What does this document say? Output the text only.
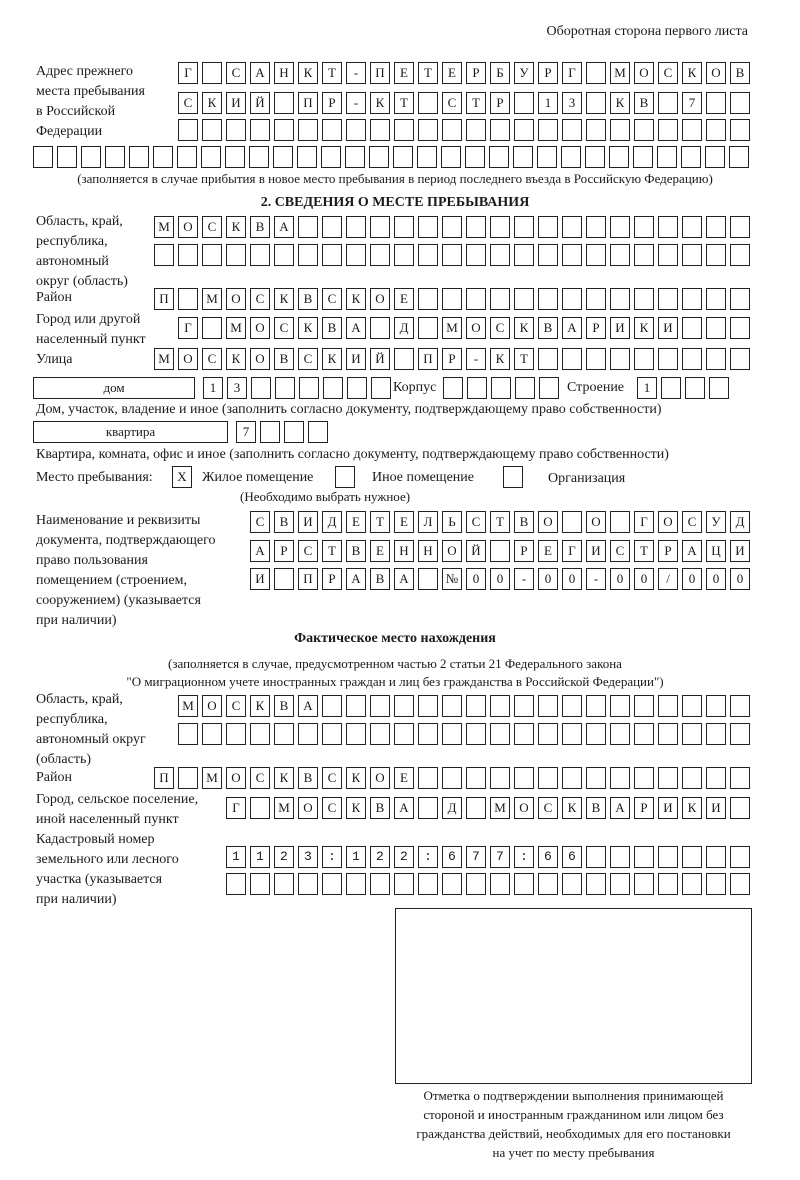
Оборотная сторона первого листа
Адрес прежнего
места пребывания
в Российской
Федерации
Г	С	А	Н	К	Т	-	П	Е	Т	Е	Р	Б	У	Р	Г	М	О	С	К	О	В
С	К	И	Й	П	Р	-	К	Т	С	Т	Р	1	3	К	В	7
(заполняется в случае прибытия в новое место пребывания в период последнего въезда в Российскую Федерацию)
2. СВЕДЕНИЯ О МЕСТЕ ПРЕБЫВАНИЯ
Область, край,
республика,
автономный
округ (область)
М	О	С	К	В	А
Район	П	М	О	С	К	В	С	К	О	Е
Город или другой
населенный пункт
Г	М	О	С	К	В	А	Д	М	О	С	К	В	А	Р	И	К	И
Улица	М	О	С	К	О	В	С	К	И	Й	П	Р	-	К	Т
дом	1	3	Корпус	Строение	1
Дом, участок, владение и иное (заполнить согласно документу, подтверждающему право собственности)
квартира	7
Квартира, комната, офис и иное (заполнить согласно документу, подтверждающему право собственности)
Место пребывания:	X	Жилое помещение	Иное помещение	Организация
(Необходимо выбрать нужное)
Наименование и реквизиты
документа, подтверждающего
право пользования
помещением (строением,
сооружением) (указывается
при наличии)
С	В	И	Д	Е	Т	Е	Л	Ь	С	Т	В	О	О	Г	О	С	У	Д
А	Р	С	Т	В	Е	Н	Н	О	Й	Р	Е	Г	И	С	Т	Р	А	Ц	И
И	П	Р	А	В	А	№	0	0	-	0	0	-	0	0	/	0	0	0
Фактическое место нахождения
(заполняется в случае, предусмотренном частью 2 статьи 21 Федерального закона
"О миграционном учете иностранных граждан и лиц без гражданства в Российской Федерации")
Область, край,
республика,
автономный округ
(область)
М	О	С	К	В	А
Район	П	М	О	С	К	В	С	К	О	Е
Город, сельское поселение,
иной населенный пункт
Г	М	О	С	К	В	А	Д	М	О	С	К	В	А	Р	И	К	И
Кадастровый номер
земельного или лесного
участка (указывается
при наличии)
1123:122:677:66
Отметка о подтверждении выполнения принимающей
стороной и иностранным гражданином или лицом без
гражданства действий, необходимых для его постановки
на учет по месту пребывания
